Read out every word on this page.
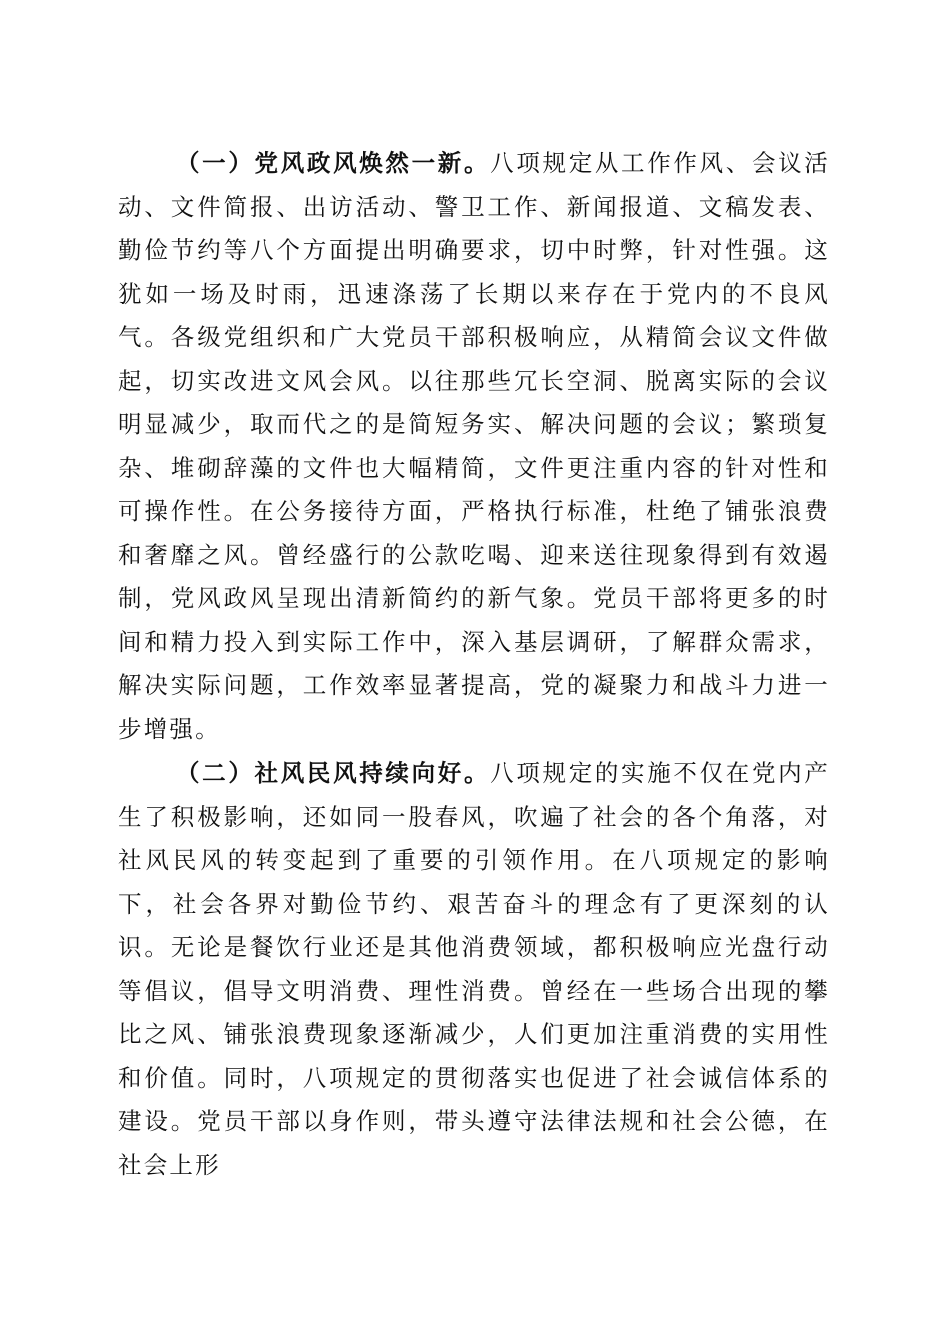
（一）党风政风焕然一新。八项规定从工作作风、会议活动、文件简报、出访活动、警卫工作、新闻报道、文稿发表、勤俭节约等八个方面提出明确要求，切中时弊，针对性强。这犹如一场及时雨，迅速涤荡了长期以来存在于党内的不良风气。各级党组织和广大党员干部积极响应，从精简会议文件做起，切实改进文风会风。以往那些冗长空洞、脱离实际的会议明显减少，取而代之的是简短务实、解决问题的会议；繁琐复杂、堆砌辞藻的文件也大幅精简，文件更注重内容的针对性和可操作性。在公务接待方面，严格执行标准，杜绝了铺张浪费和奢靡之风。曾经盛行的公款吃喝、迎来送往现象得到有效遏制，党风政风呈现出清新简约的新气象。党员干部将更多的时间和精力投入到实际工作中，深入基层调研，了解群众需求，解决实际问题，工作效率显著提高，党的凝聚力和战斗力进一步增强。

（二）社风民风持续向好。八项规定的实施不仅在党内产生了积极影响，还如同一股春风，吹遍了社会的各个角落，对社风民风的转变起到了重要的引领作用。在八项规定的影响下，社会各界对勤俭节约、艰苦奋斗的理念有了更深刻的认识。无论是餐饮行业还是其他消费领域，都积极响应光盘行动等倡议，倡导文明消费、理性消费。曾经在一些场合出现的攀比之风、铺张浪费现象逐渐减少，人们更加注重消费的实用性和价值。同时，八项规定的贯彻落实也促进了社会诚信体系的建设。党员干部以身作则，带头遵守法律法规和社会公德，在社会上形
